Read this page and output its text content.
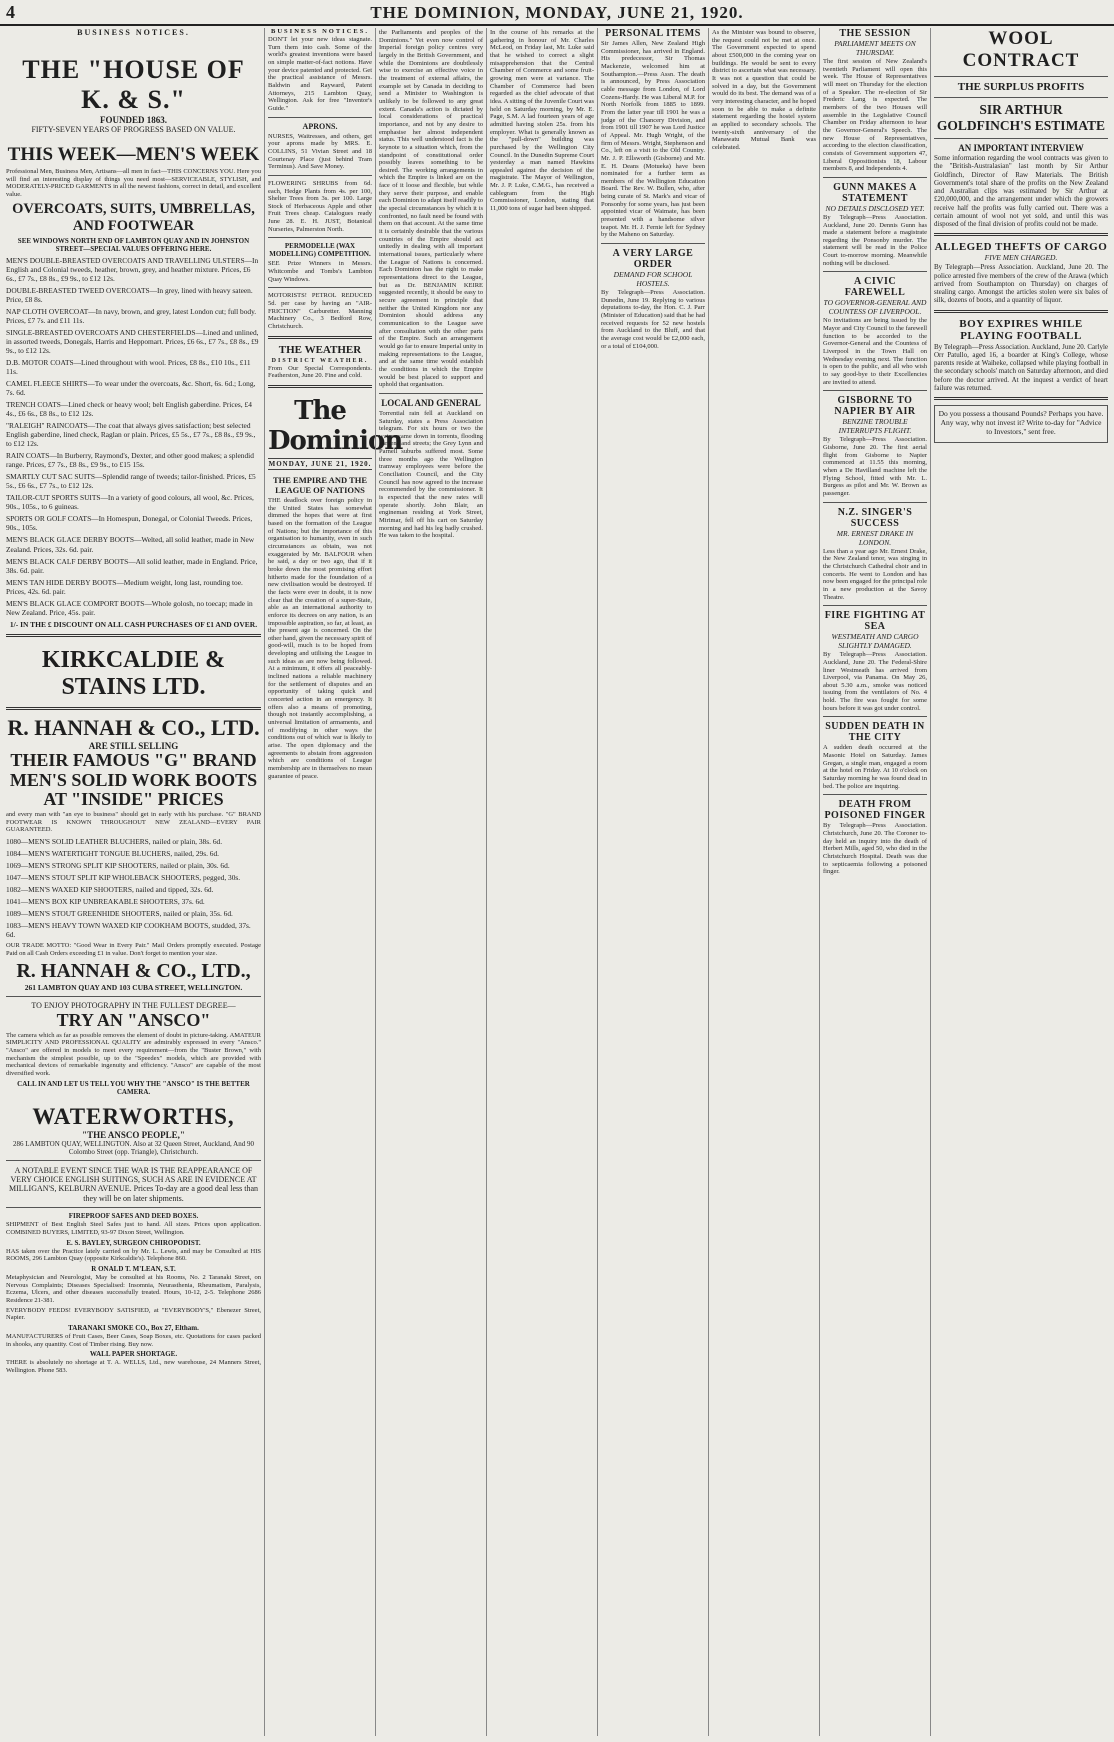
4	THE DOMINION, MONDAY, JUNE 21, 1920.
BUSINESS NOTICES.
THE "HOUSE OF K. & S."
FOUNDED 1863.
FIFTY-SEVEN YEARS OF PROGRESS BASED ON VALUE.
THIS WEEK—MEN'S WEEK
Professional Men, Business Men, Artisans—all men in fact—THIS CONCERNS YOU. Here you will find an interesting display of things you need most—SERVICEABLE, STYLISH, and MODERATELY-PRICED GARMENTS in all the newest fashions, correct in detail, and excellent value.
OVERCOATS, SUITS, UMBRELLAS, AND FOOTWEAR
SEE WINDOWS NORTH END OF LAMBTON QUAY AND IN JOHNSTON STREET—SPECIAL VALUES OFFERING HERE.
MEN'S DOUBLE-BREASTED OVERCOATS AND TRAVELLING ULSTERS—In English and Colonial tweeds, heather, brown, grey, and heather mixture. Prices, £6 6s., £7 7s., £8 8s., £9 9s., to £12 12s.
DOUBLE-BREASTED TWEED OVERCOATS—In grey, lined with heavy sateen. Price, £8 8s.
NAP CLOTH OVERCOAT—In navy, brown, and grey, latest London cut; full body. Prices, £7 7s. and £11 11s.
SINGLE-BREASTED OVERCOATS AND CHESTERFIELDS—Lined and unlined, in assorted tweeds, Donegals, Harris and Heppomart. Prices, £6 6s., £7 7s., £8 8s., £9 9s., to £12 12s.
D.B. MOTOR COATS—Lined throughout with wool. Prices, £8 8s., £10 10s., £11 11s.
CAMEL FLEECE SHIRTS—To wear under the overcoats, &c. Short, 6s. 6d.; Long, 7s. 6d.
TRENCH COATS—Lined check or heavy wool; belt English gaberdine. Prices, £4 4s., £6 6s., £8 8s., to £12 12s.
"RALEIGH" RAINCOATS—The coat that always gives satisfaction; best selected English gaberdine, lined check, Raglan or plain. Prices, £5 5s., £7 7s., £8 8s., £9 9s., to £12 12s.
RAIN COATS—In Burberry, Raymond's, Dexter, and other good makes; a splendid range. Prices, £7 7s., £8 8s., £9 9s., to £15 15s.
SMARTLY CUT SAC SUITS—Splendid range of tweeds; tailor-finished. Prices, £5 5s., £6 6s., £7 7s., to £12 12s.
TAILOR-CUT SPORTS SUITS—In a variety of good colours, all wool, &c. Prices, 90s., 105s., to 6 guineas.
SPORTS OR GOLF COATS—In Homespun, Donegal, or Colonial Tweeds. Prices, 90s., 105s.
MEN'S BLACK GLACE DERBY BOOTS—Welted, all solid leather, made in New Zealand. Prices, 32s. 6d. pair.
MEN'S BLACK CALF DERBY BOOTS—All solid leather, made in England. Price, 38s. 6d. pair.
MEN'S TAN HIDE DERBY BOOTS—Medium weight, long last, rounding toe. Prices, 42s. 6d. pair.
MEN'S BLACK GLACE COMPORT BOOTS—Whole golosh, no toecap; made in New Zealand. Price, 45s. pair.
1/- IN THE £ DISCOUNT ON ALL CASH PURCHASES OF £1 AND OVER.
KIRKCALDIE & STAINS LTD.
R. HANNAH & CO., LTD.
ARE STILL SELLING
THEIR FAMOUS "G" BRAND MEN'S SOLID WORK BOOTS AT "INSIDE" PRICES
and every man with "an eye to business" should get in early with his purchase. "G" BRAND FOOTWEAR IS KNOWN THROUGHOUT NEW ZEALAND—EVERY PAIR GUARANTEED.
1080—MEN'S SOLID LEATHER BLUCHERS, nailed or plain, 38s. 6d.
1084—MEN'S WATERTIGHT TONGUE BLUCHERS, nailed, 29s. 6d.
1069—MEN'S STRONG SPLIT KIP SHOOTERS, nailed or plain, 30s. 6d.
1047—MEN'S STOUT SPLIT KIP WHOLEBACK SHOOTERS, pegged, 30s.
1082—MEN'S WAXED KIP SHOOTERS, nailed and tipped, 32s. 6d.
1041—MEN'S BOX KIP UNBREAKABLE SHOOTERS, 37s. 6d.
1089—MEN'S STOUT GREENHIDE SHOOTERS, nailed or plain, 35s. 6d.
1083—MEN'S HEAVY TOWN WAXED KIP COOKHAM BOOTS, studded, 37s. 6d.
OUR TRADE MOTTO: "Good Wear in Every Pair." Mail Orders promptly executed. Postage Paid on all Cash Orders exceeding £1 in value. Don't forget to mention your size.
R. HANNAH & CO., LTD.,
261 LAMBTON QUAY AND 103 CUBA STREET, WELLINGTON.
TO ENJOY PHOTOGRAPHY IN THE FULLEST DEGREE—
TRY AN "ANSCO"
The camera which as far as possible removes the element of doubt in picture-taking. AMATEUR SIMPLICITY AND PROFESSIONAL QUALITY are admirably expressed in every "Ansco." "Ansco" are offered in models to meet every requirement—from the "Buster Brown," with mechanism the simplest possible, up to the "Speedex" models, which are provided with mechanical devices of remarkable ingenuity and efficiency. "Ansco" are capable of the most diversified work.
CALL IN AND LET US TELL YOU WHY THE "ANSCO" IS THE BETTER CAMERA.
WATERWORTHS,
"THE ANSCO PEOPLE,"
286 LAMBTON QUAY, WELLINGTON. Also at 32 Queen Street, Auckland, And 90 Colombo Street (opp. Triangle), Christchurch.
A NOTABLE EVENT SINCE THE WAR IS THE REAPPEARANCE OF VERY CHOICE ENGLISH SUITINGS, SUCH AS ARE IN EVIDENCE AT MILLIGAN'S, KELBURN AVENUE. Prices To-day are a good deal less than they will be on later shipments.
FIREPROOF SAFES AND DEED BOXES.
SHIPMENT of Best English Steel Safes just to hand. All sizes. Prices upon application. COMBINED BUYERS, LIMITED, 93-97 Dixon Street, Wellington.
E. S. BAYLEY, SURGEON CHIROPODIST.
HAS taken over the Practice lately carried on by Mr. L. Lewis, and may be Consulted at HIS ROOMS, 296 Lambton Quay (opposite Kirkcaldie's). Telephone 860.
R ONALD T. M'LEAN, S.T.
Metaphysician and Neurologist, May be consulted at his Rooms, No. 2 Taranaki Street, on Nervous Complaints; Diseases Specialised: Insomnia, Neurasthenia, Rheumatism, Paralysis, Eczema, Ulcers, and other diseases successfully treated. Hours, 10-12, 2-5. Telephone 2686 Residence 21-381.
EVERYBODY FEEDS! EVERYBODY SATISFIED, at "EVERYBODY'S," Ebenezer Street, Napier.
TARANAKI SMOKE CO., Box 27, Eltham.
MANUFACTURERS of Fruit Cases, Beer Cases, Soap Boxes, etc. Quotations for cases packed in shooks, any quantity. Cost of Timber rising. Buy now.
WALL PAPER SHORTAGE.
THERE is absolutely no shortage at T. A. WELLS, Ltd., new warehouse, 24 Manners Street, Wellington. Phone 583.
BUSINESS NOTICES.
DON'T let your new ideas stagnate. Turn them into cash. Some of the world's greatest inventions were based on simple matter-of-fact notions. Have your device patented and protected. Get the practical assistance of Messrs. Baldwin and Rayward, Patent Attorneys, 215 Lambton Quay, Wellington. Ask for free "Inventor's Guide."
APRONS.
NURSES, Waitresses, and others, get your aprons made by MRS. E. COLLINS, 51 Vivian Street and 18 Courtenay Place (just behind Tram Terminus). And Save Money.
FLOWERING SHRUBS from 6d. each, Hedge Plants from 4s. per 100, Shelter Trees from 3s. per 100. Large Stock of Herbaceous Apple and other Fruit Trees cheap. Catalogues ready June 28. E. H. JUST, Botanical Nurseries, Palmerston North.
PERMODELLE (WAX MODELLING) COMPETITION.
SEE Prize Winners in Messrs. Whitcombe and Tombs's Lambton Quay Windows.
MOTORISTS! PETROL REDUCED 5d. per case by having an "AIR-FRICTION" Carburetter. Manning Machinery Co., 3 Bedford Row, Christchurch.
THE WEATHER
DISTRICT WEATHER.
From Our Special Correspondents. Featherston, June 20. Fine and cold.
The Dominion
MONDAY, JUNE 21, 1920.
THE EMPIRE AND THE LEAGUE OF NATIONS
THE deadlock over foreign policy in the United States has somewhat dimmed the hopes that were at first based on the formation of the League of Nations; but the importance of this organisation to humanity, even in such circumstances as obtain, was not exaggerated by Mr. BALFOUR when he said, a day or two ago, that if it broke down the most promising effort hitherto made for the foundation of a new civilisation would be destroyed. If the facts were ever in doubt, it is now clear that the creation of a super-State, able as an international authority to enforce its decrees on any nation, is an impossible aspiration, so far, at least, as the present age is concerned. On the other hand, given the necessary spirit of good-will, much is to be hoped from developing and utilising the League in such ideas as are now being followed. At a minimum, it offers all peaceably-inclined nations a reliable machinery for the settlement of disputes and an opportunity of taking quick and concerted action in an emergency. It offers also a means of promoting, though not instantly accomplishing, a universal limitation of armaments, and of modifying in other ways the conditions out of which war is likely to arise. The open diplomacy and the agreements to abstain from aggression which are conditions of League membership are in themselves no mean guarantee of peace.
the Parliaments and peoples of the Dominions." Yet even now control of Imperial foreign policy centres very largely in the British Government, and while the Dominions are doubtlessly wise to exercise an effective voice in the treatment of external affairs, the example set by Canada in deciding to send a Minister to Washington is unlikely to be followed to any great extent. Canada's action is dictated by local considerations of practical importance, and not by any desire to emphasise her almost independent status. This well understood fact is the keynote to a situation which, from the standpoint of constitutional order possibly leaves something to be desired. The working arrangements in which the Empire is linked are on the face of it loose and flexible, but while they serve their purpose, and enable each Dominion to adapt itself readily to the special circumstances by which it is confronted, no fault need be found with them on that account. At the same time it is certainly desirable that the various countries of the Empire should act unitedly in dealing with all important international issues, particularly where the League of Nations is concerned. Each Dominion has the right to make representations direct to the League, but as Dr. BENJAMIN KEIRE suggested recently, it should be easy to secure agreement in principle that neither the United Kingdom nor any Dominion should address any communication to the League save after consultation with the other parts of the Empire. Such an arrangement would go far to ensure Imperial unity in making representations to the League, and at the same time would establish the conditions in which the Empire would be best placed to support and uphold that organisation.
LOCAL AND GENERAL
Torrential rain fell at Auckland on Saturday, states a Press Association telegram. For six hours or two the waters came down in torrents, flooding gardens and streets; the Grey Lynn and Parnell suburbs suffered most. Some three months ago the Wellington tramway employees were before the Conciliation Council, and the City Council has now agreed to the increase recommended by the commissioner. It is expected that the new rates will operate shortly. John Blair, an engineman residing at York Street, Mirimar, fell off his cart on Saturday morning and had his leg badly crushed. He was taken to the hospital.
In the course of his remarks at the gathering in honour of Mr. Charles McLeod, on Friday last, Mr. Luke said that he wished to correct a slight misapprehension that the Central Chamber of Commerce and some fruit-growing men were at variance. The Chamber of Commerce had been regarded as the chief advocate of that idea. A sitting of the Juvenile Court was held on Saturday morning, by Mr. E. Page, S.M. A lad fourteen years of age admitted having stolen 25s. from his employer. What is generally known as the "pull-down" building was purchased by the Wellington City Council. In the Dunedin Supreme Court yesterday a man named Hawkins appealed against the decision of the magistrate. The Mayor of Wellington, Mr. J. P. Luke, C.M.G., has received a cablegram from the High Commissioner, London, stating that 11,000 tons of sugar had been shipped.
PERSONAL ITEMS
Sir James Allen, New Zealand High Commissioner, has arrived in England. His predecessor, Sir Thomas Mackenzie, welcomed him at Southampton.—Press Assn. The death is announced, by Press Association cable message from London, of Lord Cozens-Hardy. He was Liberal M.P. for North Norfolk from 1885 to 1899. From the latter year till 1901 he was a judge of the Chancery Division, and from 1901 till 1907 he was Lord Justice of Appeal. Mr. Hugh Wright, of the firm of Messrs. Wright, Stephenson and Co., left on a visit to the Old Country. Mr. J. P. Ellsworth (Gisborne) and Mr. E. H. Deans (Motueka) have been nominated for a further term as members of the Wellington Education Board. The Rev. W. Bullen, who, after being curate of St. Mark's and vicar of Ponsonby for some years, has just been appointed vicar of Waimate, has been presented with a handsome silver teapot. Mr. H. J. Fernie left for Sydney by the Maheno on Saturday.
A VERY LARGE ORDER
DEMAND FOR SCHOOL HOSTELS.
By Telegraph—Press Association. Dunedin, June 19. Replying to various deputations to-day, the Hon. C. J. Parr (Minister of Education) said that he had received requests for 52 new hostels from Auckland to the Bluff, and that the average cost would be £2,000 each, or a total of £104,000.
As the Minister was bound to observe, the request could not be met at once. The Government expected to spend about £500,000 in the coming year on buildings. He would be sent to every district to ascertain what was necessary. It was not a question that could be solved in a day, but the Government would do its best. The demand was of a very interesting character, and he hoped soon to be able to make a definite statement regarding the hostel system as applied to secondary schools. The twenty-sixth anniversary of the Manawatu Mutual Bank was celebrated.
THE SESSION
PARLIAMENT MEETS ON THURSDAY.
The first session of New Zealand's twentieth Parliament will open this week. The House of Representatives will meet on Thursday for the election of a Speaker. The re-election of Sir Frederic Lang is expected. The members of the two Houses will assemble in the Legislative Council Chamber on Friday afternoon to hear the Governor-General's Speech. The new House of Representatives, according to the election classification, consists of Government supporters 47, Liberal Oppositionists 18, Labour members 8, and Independents 4.
GUNN MAKES A STATEMENT
NO DETAILS DISCLOSED YET.
By Telegraph—Press Association. Auckland, June 20. Dennis Gunn has made a statement before a magistrate regarding the Ponsonby murder. The statement will be read in the Police Court to-morrow morning. Meanwhile nothing will be disclosed.
A CIVIC FAREWELL
TO GOVERNOR-GENERAL AND COUNTESS OF LIVERPOOL.
No invitations are being issued by the Mayor and City Council to the farewell function to be accorded to the Governor-General and the Countess of Liverpool in the Town Hall on Wednesday evening next. The function is open to the public, and all who wish to say good-bye to their Excellencies are invited to attend.
GISBORNE TO NAPIER BY AIR
BENZINE TROUBLE INTERRUPTS FLIGHT.
By Telegraph—Press Association. Gisborne, June 20. The first aerial flight from Gisborne to Napier commenced at 11.55 this morning, when a De Havilland machine left the Flying School, fitted with Mr. L. Burgess as pilot and Mr. W. Brown as passenger.
N.Z. SINGER'S SUCCESS
MR. ERNEST DRAKE IN LONDON.
Less than a year ago Mr. Ernest Drake, the New Zealand tenor, was singing in the Christchurch Cathedral choir and in concerts. He went to London and has now been engaged for the principal role in a new production at the Savoy Theatre.
FIRE FIGHTING AT SEA
WESTMEATH AND CARGO SLIGHTLY DAMAGED.
By Telegraph—Press Association. Auckland, June 20. The Federal-Shire liner Westmeath has arrived from Liverpool, via Panama. On May 26, about 5.30 a.m., smoke was noticed issuing from the ventilators of No. 4 hold. The fire was fought for some hours before it was got under control.
SUDDEN DEATH IN THE CITY
A sudden death occurred at the Masonic Hotel on Saturday. James Gregan, a single man, engaged a room at the hotel on Friday. At 10 o'clock on Saturday morning he was found dead in bed. The police are inquiring.
DEATH FROM POISONED FINGER
By Telegraph—Press Association. Christchurch, June 20. The Coroner to-day held an inquiry into the death of Herbert Mills, aged 50, who died in the Christchurch Hospital. Death was due to septicaemia following a poisoned finger.
WOOL CONTRACT
THE SURPLUS PROFITS
SIR ARTHUR GOLDFINCH'S ESTIMATE
AN IMPORTANT INTERVIEW
Some information regarding the wool contracts was given to the "British-Australasian" last month by Sir Arthur Goldfinch, Director of Raw Materials. The British Government's total share of the profits on the New Zealand and Australian clips was estimated by Sir Arthur at £20,000,000, and the arrangement under which the growers receive half the profits was fully carried out. There was a certain amount of wool not yet sold, and until this was disposed of the final division of profits could not be made.
ALLEGED THEFTS OF CARGO
FIVE MEN CHARGED.
By Telegraph—Press Association. Auckland, June 20. The police arrested five members of the crew of the Arawa (which arrived from Southampton on Thursday) on charges of stealing cargo. Amongst the articles stolen were six bales of silk, dozens of boots, and a quantity of liquor.
BOY EXPIRES WHILE PLAYING FOOTBALL
By Telegraph—Press Association. Auckland, June 20. Carlyle Orr Patullo, aged 16, a boarder at King's College, whose parents reside at Waiheke, collapsed while playing football in the secondary schools' match on Saturday afternoon, and died before the doctor arrived. At the inquest a verdict of heart failure was returned.
Do you possess a thousand Pounds? Perhaps you have. Any way, why not invest it? Write to-day for "Advice to Investors," sent free.
